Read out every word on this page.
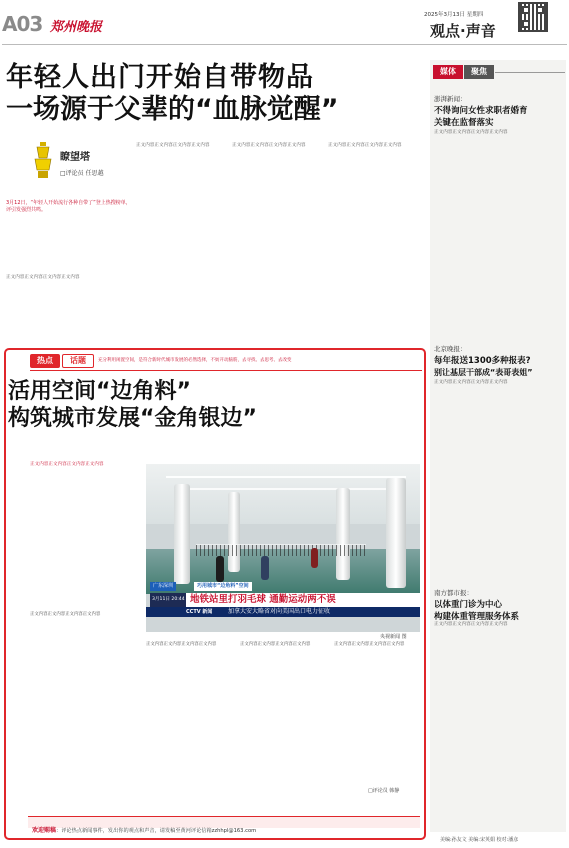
A03 郑州晚报
2025年3月13日 星期四
观点·声音
年轻人出门开始自带物品
一场源于父辈的“血脉觉醒”
瞭望塔
□评论员 任思越
3月12日，“年轻人开始流行各种自带了”登上热搜榜单，评引发强烈共鸣。
正文内容正文内容正文内容正文内容
正文内容正文内容正文内容正文内容	正文内容正文内容正文内容正文内容	正文内容正文内容正文内容正文内容
热点	话题	充分利用闲置空间，是符合新时代城市发展的必然选择，不妨开动脑筋，去寻找、去思考、去改变
活用空间“边角料”
构筑城市发展“金角银边”
正文内容正文内容正文内容正文内容
广东深圳	巧用城市“边角料”空间
3月11日 20:44 地铁站里打羽毛球 通勤运动两不误
CCTV 新闻	加拿大安大略省对向美国出口电力征收
央视新闻 图
正文内容正文内容正文内容正文内容
正文内容正文内容正文内容正文内容	正文内容正文内容正文内容正文内容	正文内容正文内容正文内容正文内容
□评论员 韩静
欢迎赐稿：评论热点新闻事件，发出你的观点和声音，请发稿至黄河评论信箱zzhhpl@163.com
媒体	聚焦
澎湃新闻：
不得询问女性求职者婚育
关键在监督落实
正文内容正文内容正文内容正文内容
北京晚报：
每年报送1300多种报表?
别让基层干部成“表哥表姐”
正文内容正文内容正文内容正文内容
南方都市报：
以体重门诊为中心
构建体重管理服务体系
正文内容正文内容正文内容正文内容
美编:孙友文 美编:宋英娟 校对:潘彦
